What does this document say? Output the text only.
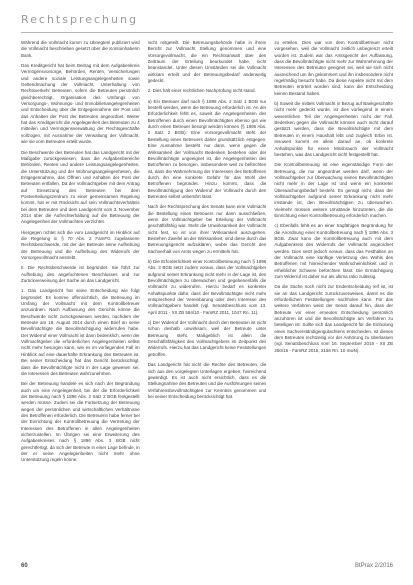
Rechtsprechung

Während die Vollmacht kumm zu Ubnegtenl publiziert wird die Vollmacht beschrieben gesetzt über die Kontoinhaberin Bank.

Das Kreditgericht hat beim Beitrag mit dem Aufgabenkreis Vermögensvorsorge, Behörden, Renten, Versicherungen und andere soziale Leistungsangelegenheiten sowie Geltendmachung der Vollmacht, Unterhaltung von Rechtsverkehr Betreuten, sofern die Betreuten persönlich gleichberechtigt, Organisation des Umfangs von Versorgungs-, Wohnungs- und Immobilienangelegenheiten und Entscheidung über die Entgegennahme der Post und das Anhalten der Post der Betreuten angeordnet. Weiter hat das Kreditgericht die Angelegenheit des Betreuten zu 4 mitteilen und Vermögensverwaltung der Rechtsgeschäfte vollzogen, mit Ausnahme der Verwaltung der Vollmacht, wie sie vom Betreuten erteilt wurde.

Die Beschwerde des Betreuten hat das Landgericht mit der Maßgabe zurückgewiesen, dass die Aufgabenbereiche Behörden, Renten und andere Leistungsangelegenheiten, die Unterstützung und der Wohnungsangelegenheiten, die Entgegennahme, das Öffnen und Anhalten der Post der Betreuten entfallen. Da der Vollmachtgeber mit dem Antrag auf Einsetzung des Betreuten bei dem Postverteilungszentrum zu einer gemeinsamen Regelung kommt, hat er mit Rücksicht auf sein Vollmachtsverhältnis bei dem Betreuten und dem Landgericht vom 3. November 2014 über die Aufrechterhaltung auf die Betreuung der Angelegenheit der Vollmachten verzichtet.

Hiergegen richtet sich die vom Landgericht im Hinblick auf die Regelung in § 70 Abs. 2 FamFG zugelassene Rechtsbeschwerde, mit der der Betreute seine Aufhebung der Betreuung und die Aufhebung des Widerrufs der Vorsorgevollmacht anstrebt.

II. Die Rechtsbeschwerde ist begründet. Sie führt zur Aufhebung des angefochtenen Beschlusses und zur Zurückverweisung der Sache an das Landgericht.

1. Das Landgericht hat seine Entscheidung wie folgt begründet: Es komme offensichtlich, die Betreuung im Umfang der Vollmacht mit dem Kontrollbetreuer anzuordnen. Nach Auffassung des Gerichts könne die Beschwerde nicht zurückgewiesen werden, nachdem der Betreute am 18. August 2014 durch einen Brief an seine Bevollmächtigte die Bevollmächtigung widerrufen habe. Der Widerruf einer Vollmacht ist dann bedenklich, wenn der Vollmachtgeber die erforderlichen Angelegenheiten selbst nicht mehr besorgen kann, wie es im vorliegenden Fall im Hinblick auf eine dauerhafte Erkrankung des Betreuten ist. Bei seiner Entscheidung hat das Gericht berücksichtigt, dass die Bevollmächtigte nicht in der Lage gewesen sei, die Interessen des Betreuten wahrzunehmen.

Bei der Betreuung handele es sich nach der Begründung auch um eine Angelegenheit, bei der die Erforderlichkeit der Betreuung nach § 1896 Abs. 2 Satz 2 BGB festgestellt werden müsse. Zudem sei die Fortsetzung der Betreuung wegen der persönlichen und wirtschaftlichen Verhältnisse des Betroffenen erforderlich. Die Betreuerin habe ferner bei der Einrichtung der Kontrollbetreuung die Vertretung der Interessen des Betroffenen in allen Angelegenheiten sicherzustellen. Im Übrigen sei eine Erweiterung des Aufgabenkreises nach § 1896 Abs. 3 BGB nicht gerechtfertigt, da sich der Betreute in einer Lage befinde, in der er seine Angelegenheiten nicht mehr ohne Unterstützung regeln könne.

nicht mitgeteilt. Die Betreuungsbehörde habe in ihrem Bericht zur Vollmacht Stellung genommen und eine Vorsorgevollmacht, die ein Rechtsanwalt über den Zeitraum der Erteilung beurkundet habe, nicht beanstandet. Unter diesen Umständen sei die Vollmacht wirksam erteilt und der Betreuungsbedarf anderweitig gedeckt.

2. Dies hält einer rechtlichen Nachprüfung nicht stand.

a) Ein Betreuer darf nach § 1896 Abs. 2 Satz 1 BGB nur bestellt werden, wenn die Betreuung erforderlich ist. An der Erforderlichkeit fehlt es, soweit die Angelegenheiten des Betroffenen durch einen Bevollmächtigten ebenso gut wie durch einen Betreuer besorgt werden können (§ 1896 Abs. 2 Satz 2 BGB). Eine Vorsorgevollmacht steht der Bestellung eines Betreuers daher grundsätzlich entgegen. Eine Ausnahme besteht nur dann, wenn gegen die Wirksamkeit der Vollmacht Bedenken bestehen oder der Bevollmächtigte ungeeignet ist, die Angelegenheiten des Betroffenen zu besorgen, insbesondere weil zu befürchten ist, dass die Wahrnehmung der Interessen des Betroffenen durch ihn eine konkrete Gefahr für das Wohl des Betroffenen begründet. Hinzu kommt, dass die Bevollmächtigung den Widerruf der Vollmacht durch den Betreuten selbst unberührt lässt.

Nach der Rechtsprechung des Senats kann eine Vollmacht die Bestellung eines Betreuers nur dann ausschließen, wenn der Vollmachtgeber bei Erteilung der Vollmacht geschäftsfähig war. Steht die Unwirksamkeit der Vollmacht nicht fest, so ist von ihrer Wirksamkeit auszugehen. Bestehen Zweifel an der Wirksamkeit, sind diese durch das Betreuungsgericht aufzuklären, wobei das Gericht den Sachverhalt von Amts wegen zu ermitteln hat.

b) Die Erforderlichkeit einer Kontrollbetreuung nach § 1896 Abs. 3 BGB setzt zudem voraus, dass der Vollmachtgeber aufgrund seiner Erkrankung nicht mehr in der Lage ist, den Bevollmächtigten zu überwachen und gegebenenfalls die Vollmacht zu widerrufen. Hierzu bedarf es konkreter Anhaltspunkte dafür, dass der Bevollmächtigte nicht mehr entsprechend der Vereinbarung oder dem Interesse des Vollmachtgebers handelt (vgl. Senatsbeschluss vom 13. April 2011 - XII ZB 584/10 - FamRZ 2011, 1047 Rn. 11).

c) Der Widerruf der Vollmacht durch den Betreuten ist nicht schon deshalb unwirksam, weil der Betreute unter Betreuung steht. Maßgeblich ist allein die Geschäftsfähigkeit des Vollmachtgebers im Zeitpunkt des Widerrufs. Hierzu hat das Landgericht keine Feststellungen getroffen.

Das Landgericht hat nicht die Rechte des Betreuten, die sich aus den vorgelegten Unterlagen ergeben, hinreichend gewürdigt. Es ist auch nicht ersichtlich, dass es die Stellungnahme des Betreuten und die Ausführungen seines Verfahrensbevollmächtigten zur Kenntnis genommen und bei seiner Entscheidung berücksichtigt hat.

zu erteilen. Dies war von dem Kontrollbetreuer nicht vorgesehen, weil die Vollmacht zeitlich unbegrenzt erteilt worden ist. Zudem war das Amtsgericht der Auffassung, dass die Bevollmächtigte nicht mehr zur Wahrnehmung der Interessen des Betreuten geeignet sei, weil sie sich nicht ausreichend um ihn gekümmert und ihn insbesondere nicht regelmäßig besucht habe. Da diese Aspekte nicht mit dem Betreuten erörtert worden sind, kann die Entscheidung keinen Bestand haben.

b) Soweit die mittels Vollmacht in Bezug auf Bankgeschäfte nicht mehr gedeckt wurde, ist dies vorliegend in einem wesentlichen Teil der Angelegenheiten nicht der Fall. Bedenken gegen die Vollmacht können auch nicht darauf gestützt werden, dass die Bevollmächtigte mit dem Betreuten in einem Haushalt lebt und zugleich Erbin ist. Insoweit kommt es allein darauf an, ob konkrete Anhaltspunkte für einen Missbrauch der Vollmacht bestehen, was das Landgericht nicht festgestellt hat.

Die Kontrollbetreuung ist eine eigenständige Form der Betreuung, die nur angeordnet werden darf, wenn der Vollmachtgeber zur Überwachung seines Bevollmächtigten nicht mehr in der Lage ist und wenn ein konkreter Überwachungsbedarf besteht. Es genügt nicht, dass der Vollmachtgeber aufgrund seiner Erkrankung nicht mehr imstande ist, den Bevollmächtigten zu überwachen. Vielmehr müssen weitere Umstände hinzutreten, die die Einrichtung einer Kontrollbetreuung erforderlich machen.

c) Ebenfalls fehlt es an einer tragfähigen Begründung für die Anordnung einer Kontrollbetreuung nach § 1896 Abs. 3 BGB. Zwar kann die Kontrollbetreuung auch mit dem Aufgabenkreis des Widerrufs der Vollmacht angeordnet werden. Dies setzt jedoch voraus, dass das Festhalten an der Vollmacht eine künftige Verletzung des Wohls des Betroffenen mit hinreichender Wahrscheinlichkeit und in erheblicher Schwere befürchten lässt. Die Ermächtigung zum Widerruf ist daher nur als ultima ratio zulässig.

Da die Sache noch nicht zur Endentscheidung reif ist, ist sie an das Landgericht zurückzuverweisen, damit es die erforderlichen Feststellungen nachholen kann. Für das weitere Verfahren weist der Senat darauf hin, dass der Betreute vor einer erneuten Entscheidung persönlich anzuhören ist und die Bevollmächtigte am Verfahren zu beteiligen ist. Sollte sich das Landgericht für die Einholung eines Sachverständigengutachtens entscheiden, ist dieses dem Betreuten rechtzeitig vor der Anhörung zu überlassen (vgl. Senatsbeschluss vom 16. September 2015 - XII ZB 250/15 - FamRZ 2015, 2156 Rn. 10 mwN).

60	BtPrax 2/2016
